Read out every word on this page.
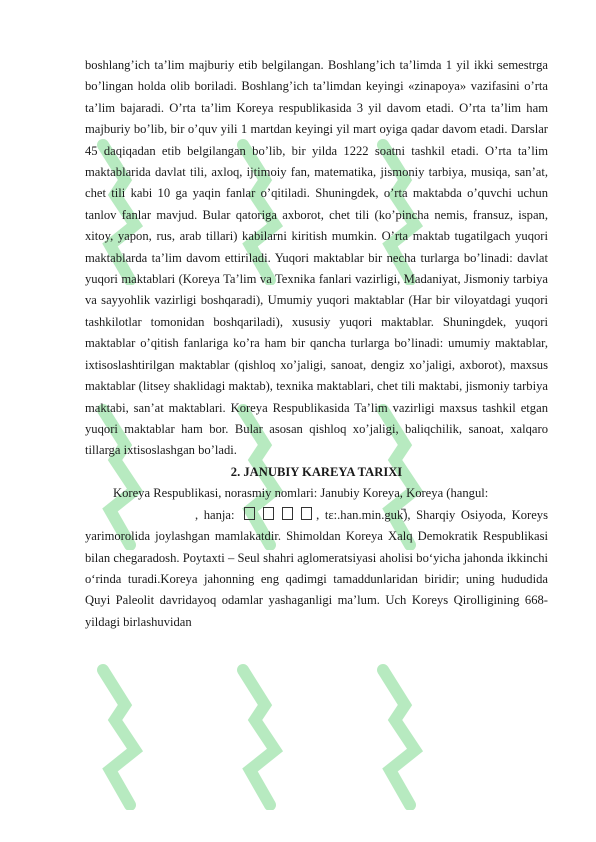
boshlang’ich ta’lim majburiy etib belgilangan. Boshlang’ich ta’limda 1 yil ikki semestrga bo’lingan holda olib boriladi. Boshlang’ich ta’limdan keyingi «zinapoya» vazifasini o’rta ta’lim bajaradi. O’rta ta’lim Koreya respublikasida 3 yil davom etadi. O’rta ta’lim ham majburiy bo’lib, bir o’quv yili 1 martdan keyingi yil mart oyiga qadar davom etadi. Darslar 45 daqiqadan etib belgilangan bo’lib, bir yilda 1222 soatni tashkil etadi. O’rta ta’lim maktablarida davlat tili, axloq, ijtimoiy fan, matematika, jismoniy tarbiya, musiqa, san’at, chet tili kabi 10 ga yaqin fanlar o’qitiladi. Shuningdek, o’rta maktabda o’quvchi uchun tanlov fanlar mavjud. Bular qatoriga axborot, chet tili (ko’pincha nemis, fransuz, ispan, xitoy, yapon, rus, arab tillari) kabilarni kiritish mumkin. O’rta maktab tugatilgach yuqori maktablarda ta’lim davom ettiriladi. Yuqori maktablar bir necha turlarga bo’linadi: davlat yuqori maktablari (Koreya Ta’lim va Texnika fanlari vazirligi, Madaniyat, Jismoniy tarbiya va sayyohlik vazirligi boshqaradi), Umumiy yuqori maktablar (Har bir viloyatdagi yuqori tashkilotlar tomonidan boshqariladi), xususiy yuqori maktablar. Shuningdek, yuqori maktablar o’qitish fanlariga ko’ra ham bir qancha turlarga bo’linadi: umumiy maktablar, ixtisoslashtirilgan maktablar (qishloq xo’jaligi, sanoat, dengiz xo’jaligi, axborot), maxsus maktablar (litsey shaklidagi maktab), texnika maktablari, chet tili maktabi, jismoniy tarbiya maktabi, san’at maktablari. Koreya Respublikasida Ta’lim vazirligi maxsus tashkil etgan yuqori maktablar ham bor. Bular asosan qishloq xo’jaligi, baliqchilik, sanoat, xalqaro tillarga ixtisoslashgan bo’ladi.

2. JANUBIY KAREYA TARIXI

Koreya Respublikasi, norasmiy nomlari: Janubiy Koreya, Koreya (hangul:
, hanja:	, tɛ:.han.min.guk̚), Sharqiy Osiyoda, Koreys yarimorolida joylashgan mamlakatdir. Shimoldan Koreya Xalq Demokratik Respublikasi bilan chegaradosh. Poytaxti – Seul shahri aglomeratsiyasi aholisi bo‘yicha jahonda ikkinchi o‘rinda turadi.Koreya jahonning eng qadimgi tamaddunlaridan biridir; uning hududida Quyi Paleolit davridayoq odamlar yashaganligi ma’lum. Uch Koreys Qirolligining 668-yildagi birlashuvidan
